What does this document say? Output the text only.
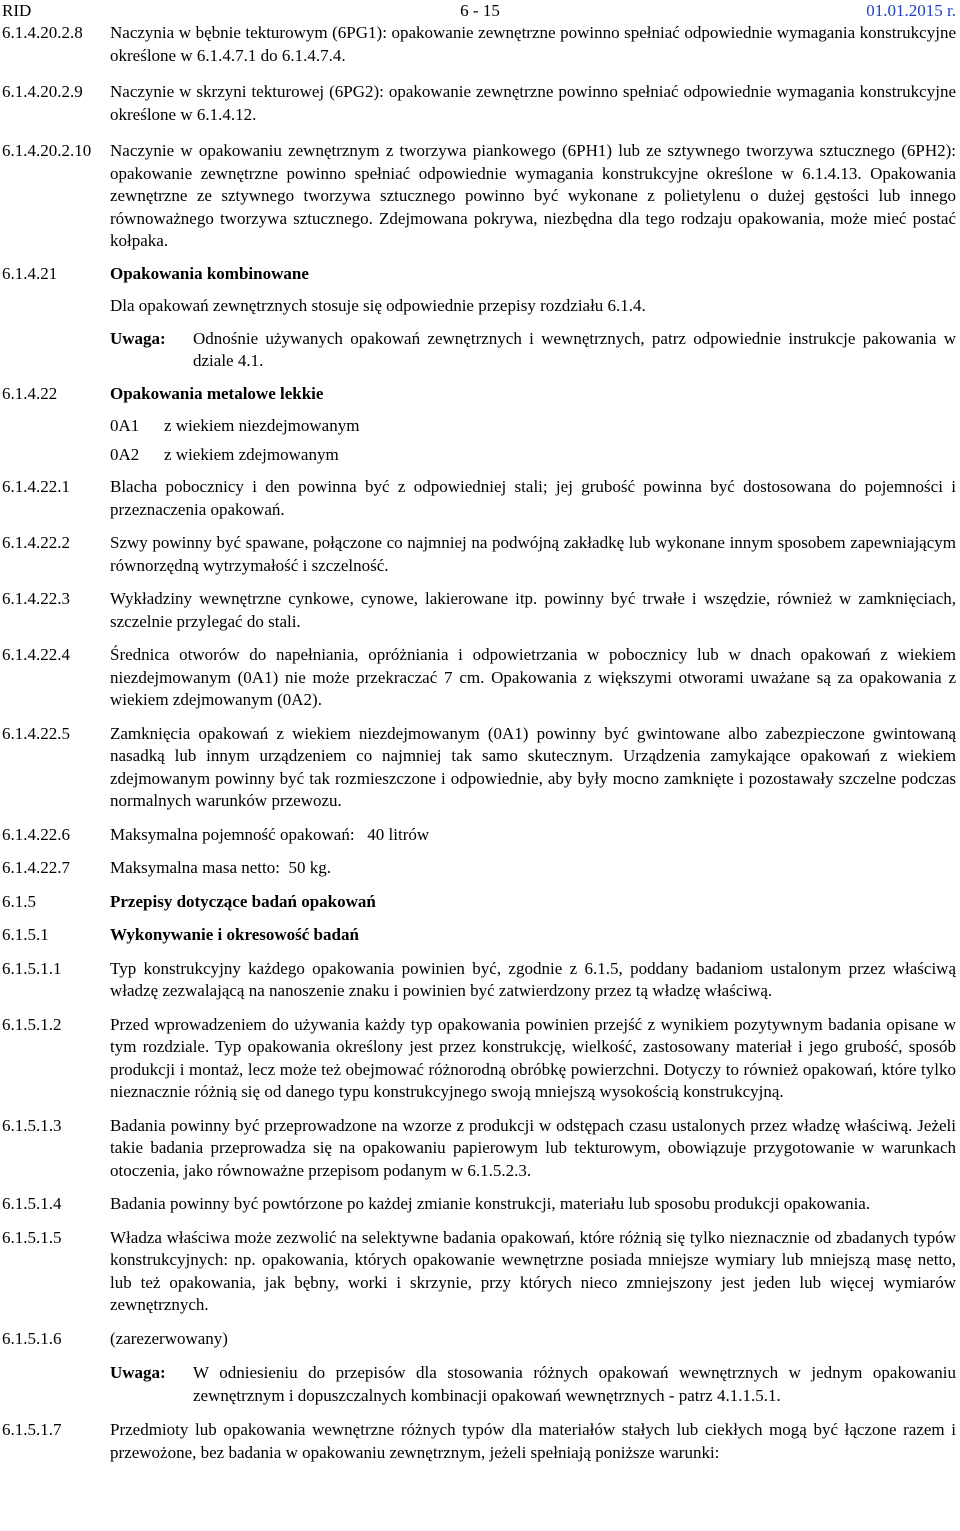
RID	6 - 15	01.01.2015 r.
6.1.4.20.2.8	Naczynia w bębnie tekturowym (6PG1): opakowanie zewnętrzne powinno spełniać odpowiednie wymagania konstrukcyjne określone w 6.1.4.7.1 do 6.1.4.7.4.
6.1.4.20.2.9	Naczynie w skrzyni tekturowej (6PG2): opakowanie zewnętrzne powinno spełniać odpowiednie wymagania konstrukcyjne określone w 6.1.4.12.
6.1.4.20.2.10	Naczynie w opakowaniu zewnętrznym z tworzywa piankowego (6PH1) lub ze sztywnego tworzywa sztucznego (6PH2): opakowanie zewnętrzne powinno spełniać odpowiednie wymagania konstrukcyjne określone w 6.1.4.13. Opakowania zewnętrzne ze sztywnego tworzywa sztucznego powinno być wykonane z polietylenu o dużej gęstości lub innego równoważnego tworzywa sztucznego. Zdejmowana pokrywa, niezbędna dla tego rodzaju opakowania, może mieć postać kołpaka.
6.1.4.21	Opakowania kombinowane
Dla opakowań zewnętrznych stosuje się odpowiednie przepisy rozdziału 6.1.4.
Uwaga:	Odnośnie używanych opakowań zewnętrznych i wewnętrznych, patrz odpowiednie instrukcje pakowania w dziale 4.1.
6.1.4.22	Opakowania metalowe lekkie
0A1	z wiekiem niezdejmowanym
0A2	z wiekiem zdejmowanym
6.1.4.22.1	Blacha pobocznicy i den powinna być z odpowiedniej stali; jej grubość powinna być dostosowana do pojemności i przeznaczenia opakowań.
6.1.4.22.2	Szwy powinny być spawane, połączone co najmniej na podwójną zakładkę lub wykonane innym sposobem zapewniającym równorzędną wytrzymałość i szczelność.
6.1.4.22.3	Wykładziny wewnętrzne cynkowe, cynowe, lakierowane itp. powinny być trwałe i wszędzie, również w zamknięciach, szczelnie przylegać do stali.
6.1.4.22.4	Średnica otworów do napełniania, opróżniania i odpowietrzania w pobocznicy lub w dnach opakowań z wiekiem niezdejmowanym (0A1) nie może przekraczać 7 cm. Opakowania z większymi otworami uważane są za opakowania z wiekiem zdejmowanym (0A2).
6.1.4.22.5	Zamknięcia opakowań z wiekiem niezdejmowanym (0A1) powinny być gwintowane albo zabezpieczone gwintowaną nasadką lub innym urządzeniem co najmniej tak samo skutecznym. Urządzenia zamykające opakowań z wiekiem zdejmowanym powinny być tak rozmieszczone i odpowiednie, aby były mocno zamknięte i pozostawały szczelne podczas normalnych warunków przewozu.
6.1.4.22.6	Maksymalna pojemność opakowań:   40 litrów
6.1.4.22.7	Maksymalna masa netto:  50 kg.
6.1.5	Przepisy dotyczące badań opakowań
6.1.5.1	Wykonywanie i okresowość badań
6.1.5.1.1	Typ konstrukcyjny każdego opakowania powinien być, zgodnie z 6.1.5, poddany badaniom ustalonym przez właściwą władzę zezwalającą na nanoszenie znaku i powinien być zatwierdzony przez tą władzę właściwą.
6.1.5.1.2	Przed wprowadzeniem do używania każdy typ opakowania powinien przejść z wynikiem pozytywnym badania opisane w tym rozdziale. Typ opakowania określony jest przez konstrukcję, wielkość, zastosowany materiał i jego grubość, sposób produkcji i montaż, lecz może też obejmować różnorodną obróbkę powierzchni. Dotyczy to również opakowań, które tylko nieznacznie różnią się od danego typu konstrukcyjnego swoją mniejszą wysokością konstrukcyjną.
6.1.5.1.3	Badania powinny być przeprowadzone na wzorze z produkcji w odstępach czasu ustalonych przez władzę właściwą. Jeżeli takie badania przeprowadza się na opakowaniu papierowym lub tekturowym, obowiązuje przygotowanie w warunkach otoczenia, jako równoważne przepisom podanym w 6.1.5.2.3.
6.1.5.1.4	Badania powinny być powtórzone po każdej zmianie konstrukcji, materiału lub sposobu produkcji opakowania.
6.1.5.1.5	Władza właściwa może zezwolić na selektywne badania opakowań, które różnią się tylko nieznacznie od zbadanych typów konstrukcyjnych: np. opakowania, których opakowanie wewnętrzne posiada mniejsze wymiary lub mniejszą masę netto, lub też opakowania, jak bębny, worki i skrzynie, przy których nieco zmniejszony jest jeden lub więcej wymiarów zewnętrznych.
6.1.5.1.6	(zarezerwowany)
Uwaga:	W odniesieniu do przepisów dla stosowania różnych opakowań wewnętrznych w jednym opakowaniu zewnętrznym i dopuszczalnych kombinacji opakowań wewnętrznych - patrz 4.1.1.5.1.
6.1.5.1.7	Przedmioty lub opakowania wewnętrzne różnych typów dla materiałów stałych lub ciekłych mogą być łączone razem i przewożone, bez badania w opakowaniu zewnętrznym, jeżeli spełniają poniższe warunki:
